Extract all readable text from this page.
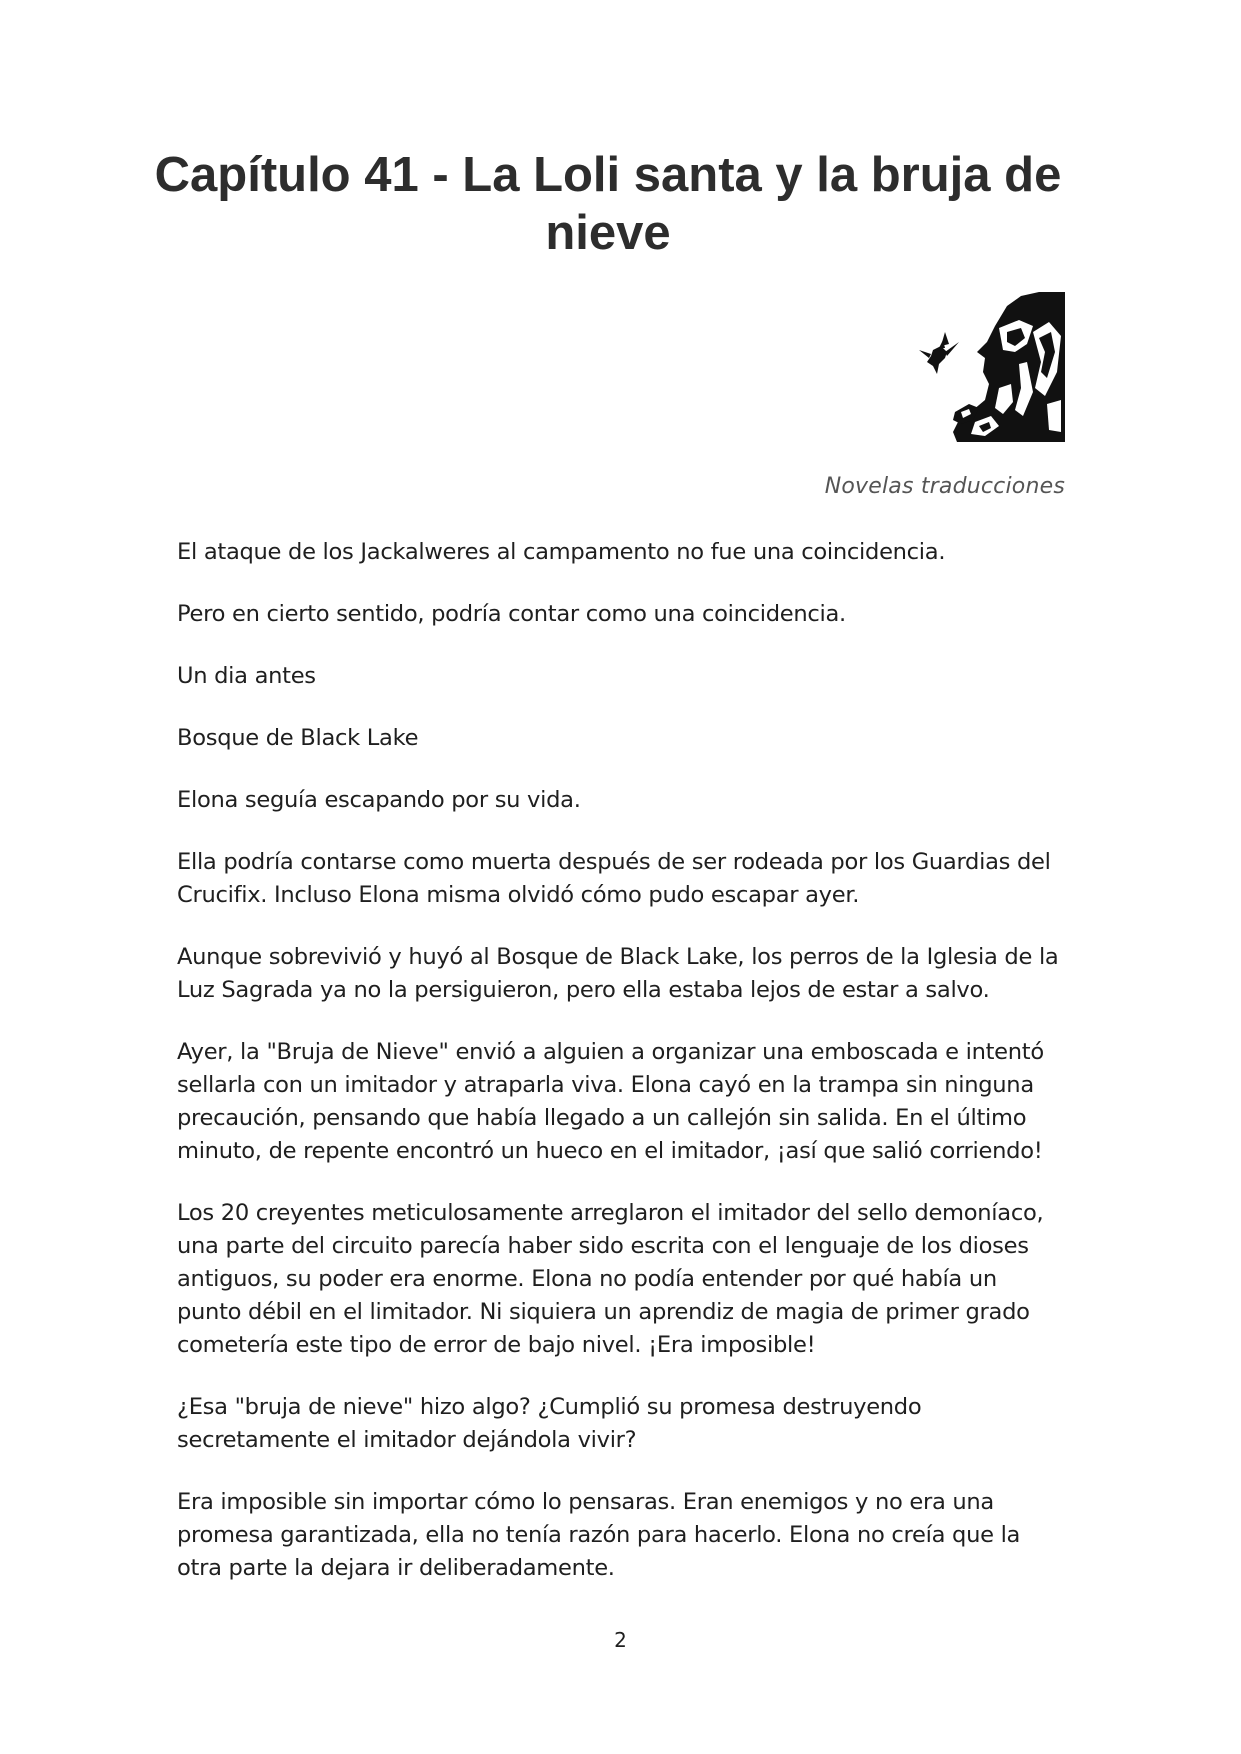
Capítulo 41 - La Loli santa y la bruja de nieve
Novelas traducciones

El ataque de los Jackalweres al campamento no fue una coincidencia.

Pero en cierto sentido, podría contar como una coincidencia.

Un dia antes

Bosque de Black Lake

Elona seguía escapando por su vida.

Ella podría contarse como muerta después de ser rodeada por los Guardias del Crucifix. Incluso Elona misma olvidó cómo pudo escapar ayer.

Aunque sobrevivió y huyó al Bosque de Black Lake, los perros de la Iglesia de la Luz Sagrada ya no la persiguieron, pero ella estaba lejos de estar a salvo.

Ayer, la "Bruja de Nieve" envió a alguien a organizar una emboscada e intentó sellarla con un imitador y atraparla viva. Elona cayó en la trampa sin ninguna precaución, pensando que había llegado a un callejón sin salida. En el último minuto, de repente encontró un hueco en el imitador, ¡así que salió corriendo!

Los 20 creyentes meticulosamente arreglaron el imitador del sello demoníaco, una parte del circuito parecía haber sido escrita con el lenguaje de los dioses antiguos, su poder era enorme. Elona no podía entender por qué había un punto débil en el limitador. Ni siquiera un aprendiz de magia de primer grado cometería este tipo de error de bajo nivel. ¡Era imposible!

¿Esa "bruja de nieve" hizo algo? ¿Cumplió su promesa destruyendo secretamente el imitador dejándola vivir?

Era imposible sin importar cómo lo pensaras. Eran enemigos y no era una promesa garantizada, ella no tenía razón para hacerlo. Elona no creía que la otra parte la dejara ir deliberadamente.

2
